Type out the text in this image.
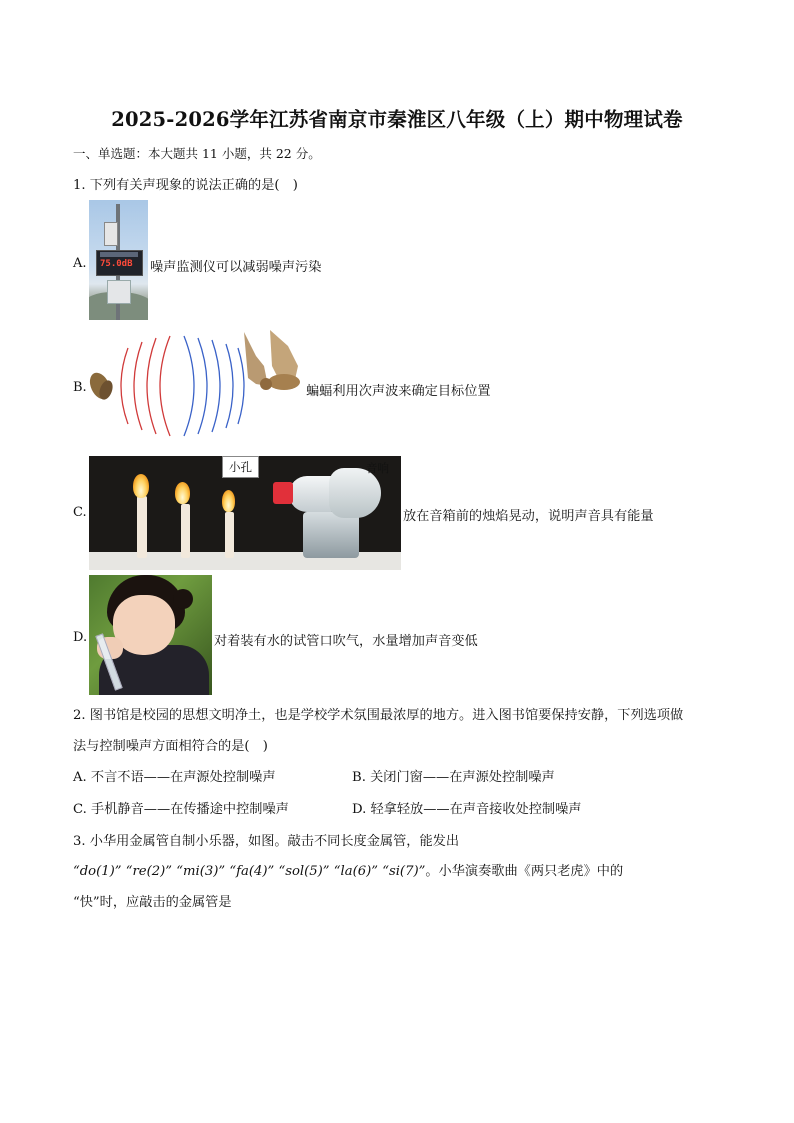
2025-2026学年江苏省南京市秦淮区八年级（上）期中物理试卷
一、单选题：本大题共 11 小题，共 22 分。
1. 下列有关声现象的说法正确的是(　)
A. 75.0dB 噪声监测仪可以减弱噪声污染
B.	蝙蝠利用次声波来确定目标位置
C.
小孔	音响
放在音箱前的烛焰晃动，说明声音具有能量
D.	对着装有水的试管口吹气，水量增加声音变低
2. 图书馆是校园的思想文明净土，也是学校学术氛围最浓厚的地方。进入图书馆要保持安静，下列选项做
法与控制噪声方面相符合的是(　)
A. 不言不语——在声源处控制噪声	B. 关闭门窗——在声源处控制噪声
C. 手机静音——在传播途中控制噪声	D. 轻拿轻放——在声音接收处控制噪声
3. 小华用金属管自制小乐器，如图。敲击不同长度金属管，能发出
“do(1)” “re(2)” “mi(3)” “fa(4)” “sol(5)” “la(6)” “si(7)”。小华演奏歌曲《两只老虎》中的
“快”时，应敲击的金属管是
